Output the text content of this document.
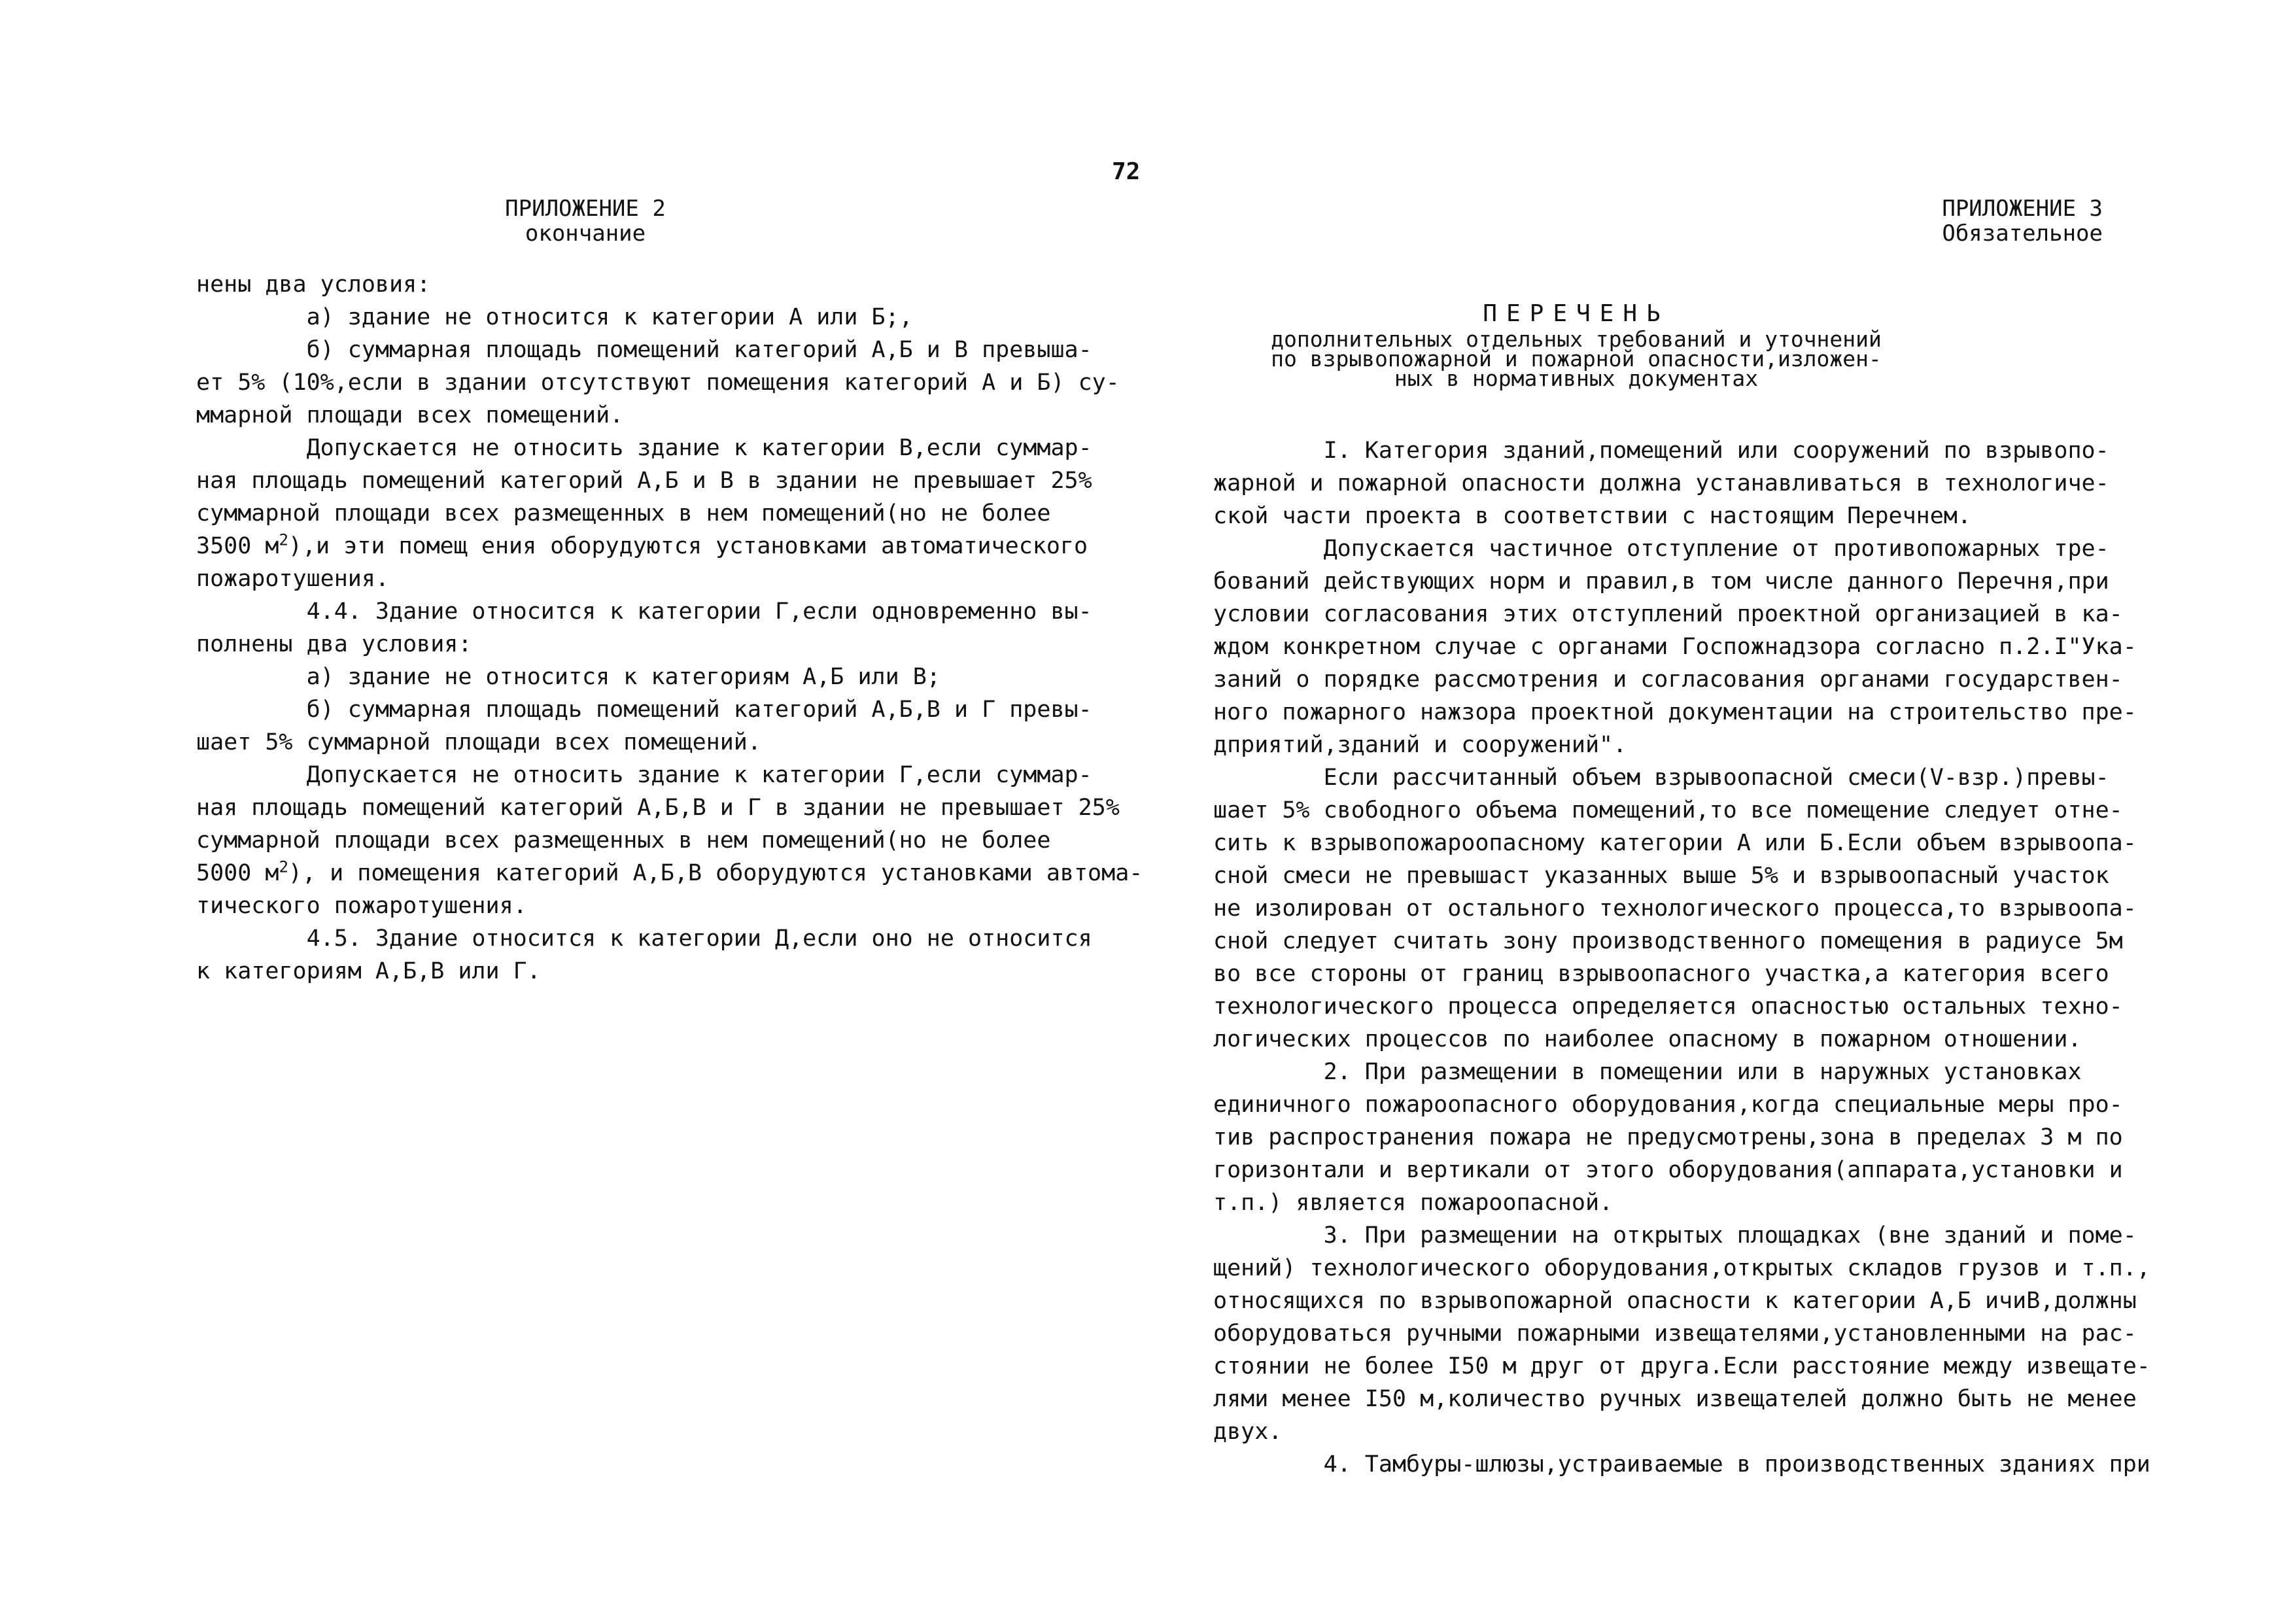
72
ПРИЛОЖЕНИЕ 2
окончание
нены два условия:
а) здание не относится к категории А или Б;,
б) суммарная площадь помещений категорий А,Б и В превыша-
ет 5% (10%,если в здании отсутствуют помещения категорий А и Б) су-
ммарной площади всех помещений.
Допускается не относить здание к категории В,если суммар-
ная площадь помещений категорий А,Б и В в здании не превышает 25%
суммарной площади всех размещенных в нем помещений(но не более
3500 $м^2),и$ эти помещ ения оборудуются установками автоматического
пожаротушения.
4.4. Здание относится к категории Г,если одновременно вы-
полнены два условия:
а) здание не относится к категориям А,Б или В;
б) суммарная площадь помещений категорий А,Б,В и Г превы-
шает 5% суммарной площади всех помещений.
Допускается не относить здание к категории Г,если суммар-
ная площадь помещений категорий А,Б,В и Г в здании не превышает 25%
суммарной площади всех размещенных в нем помещений(но не более
5000 $м^2$), и помещения категорий А,Б,В оборудуются установками автома-
тического пожаротушения.
4.5. Здание относится к категории Д,если оно не относится
к категориям А,Б,В или Г.
ПРИЛОЖЕНИЕ 3
Обязательное
ПЕРЕЧЕНЬ
дополнительных отдельных требований и уточнений
по взрывопожарной и пожарной опасности,изложен-
ных в нормативных документах
I. Категория зданий,помещений или сооружений по взрывопо-
жарной и пожарной опасности должна устанавливаться в технологиче-
ской части проекта в соответствии с настоящим Перечнем.
Допускается частичное отступление от противопожарных тре-
бований действующих норм и правил,в том числе данного Перечня,при
условии согласования этих отступлений проектной организацией в ка-
ждом конкретном случае с органами Госпожнадзора согласно п.2.I"Ука-
заний о порядке рассмотрения и согласования органами государствен-
ного пожарного нажзора проектной документации на строительство пре-
дприятий,зданий и сооружений".
Если рассчитанный объем взрывоопасной смеси(V-взр.)превы-
шает 5% свободного объема помещений,то все помещение следует отне-
сить к взрывопожароопасному категории А или Б.Если объем взрывоопа-
сной смеси не превышаст указанных выше 5% и взрывоопасный участок
не изолирован от остального технологического процесса,то взрывоопа-
сной следует считать зону производственного помещения в радиусе 5м
во все стороны от границ взрывоопасного участка,а категория всего
технологического процесса определяется опасностью остальных техно-
логических процессов по наиболее опасному в пожарном отношении.
2. При размещении в помещении или в наружных установках
единичного пожароопасного оборудования,когда специальные меры про-
тив распространения пожара не предусмотрены,зона в пределах 3 м по
горизонтали и вертикали от этого оборудования(аппарата,установки и
т.п.) является пожароопасной.
3. При размещении на открытых площадках (вне зданий и поме-
щений) технологического оборудования,открытых складов грузов и т.п.,
относящихся по взрывопожарной опасности к категории А,Б ичиВ,должны
оборудоваться ручными пожарными извещателями,установленными на рас-
стоянии не более I50 м друг от друга.Если расстояние между извещате-
лями менее I50 м,количество ручных извещателей должно быть не менее
двух.
4. Тамбуры-шлюзы,устраиваемые в производственных зданиях при
